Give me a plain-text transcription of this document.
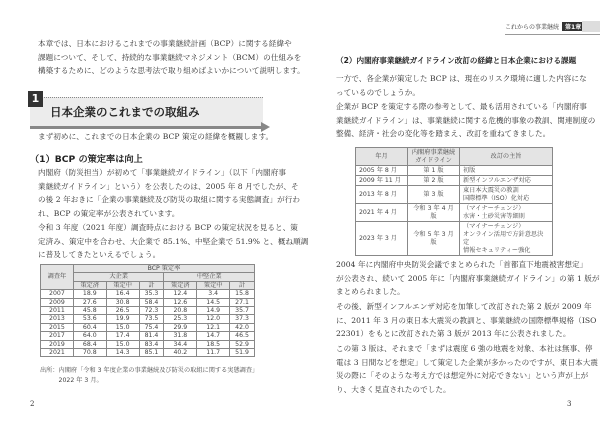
本章では、日本におけるこれまでの事業継続計画（BCP）に関する経緯や
課題について、そして、持続的な事業継続マネジメント（BCM）の仕組みを
構築するために、どのような思考法で取り組めばよいかについて説明します。
1
日本企業のこれまでの取組み
まず初めに、これまでの日本企業の BCP 策定の経緯を概観します。
（1）BCP の策定率は向上
内閣府（防災担当）が初めて「事業継続ガイドライン」（以下「内閣府事
業継続ガイドライン」という）を公表したのは、2005 年 8 月でしたが、そ
の後 2 年おきに「企業の事業継続及び防災の取組に関する実態調査」が行わ
れ、BCP の策定率が公表されています。
令和 3 年度（2021 年度）調査時点における BCP の策定状況を見ると、策
定済み、策定中を合わせ、大企業で 85.1%、中堅企業で 51.9% と、概ね順調
に普及してきたといえるでしょう。
調査年	BCP 策定率					
	大企業			中堅企業		
	策定済	策定中	計	策定済	策定中	計
2007	18.9	16.4	35.3	12.4	3.4	15.8
2009	27.6	30.8	58.4	12.6	14.5	27.1
2011	45.8	26.5	72.3	20.8	14.9	35.7
2013	53.6	19.9	73.5	25.3	12.0	37.3
2015	60.4	15.0	75.4	29.9	12.1	42.0
2017	64.0	17.4	81.4	31.8	14.7	46.5
2019	68.4	15.0	83.4	34.4	18.5	52.9
2021	70.8	14.3	85.1	40.2	11.7	51.9
出所：内閣府「令和 3 年度企業の事業継続及び防災の取組に関する実態調査」
　　　2022 年 3 月。
2
これからの事業継続 第1章
（2）内閣府事業継続ガイドライン改訂の経緯と日本企業における課題
一方で、各企業が策定した BCP は、現在のリスク環境に適した内容にな
っているのでしょうか。
企業が BCP を策定する際の参考として、最も活用されている「内閣府事
業継続ガイドライン」は、事業継続に関する危機的事象の教訓、関連制度の
整備、経済・社会の変化等を踏まえ、改訂を重ねてきました。
年月	内閣府事業継続
ガイドライン	改訂の主旨
2005 年 8 月	第 1 版	初版

2009 年 11 月	第 2 版	新型インフルエンザ対応

2013 年 8 月	第 3 版	東日本大震災の教訓
国際標準（ISO）化対応

2021 年 4 月	令和 3 年 4 月版	（マイナーチェンジ）
水害・土砂災害等細則

2023 年 3 月	令和 5 年 3 月版	（マイナーチェンジ）
オンライン活用で方針意思決定
情報セキュリティー強化
2004 年に内閣府中央防災会議でまとめられた「首都直下地震被害想定」
が公表され、続いて 2005 年に「内閣府事業継続ガイドライン」の第 1 版が
まとめられました。
その後、新型インフルエンザ対応を加筆して改訂された第 2 版が 2009 年
に、2011 年 3 月の東日本大震災の教訓と、事業継続の国際標準規格（ISO
22301）をもとに改訂された第 3 版が 2013 年に公表されました。
この第 3 版は、それまで「まずは震度 6 強の地震を対象、本社は無事、停
電は 3 日間などを想定」して策定した企業が多かったのですが、東日本大震
災の際に「そのような考え方では想定外に対応できない」という声が上が
り、大きく見直されたのでした。
3
